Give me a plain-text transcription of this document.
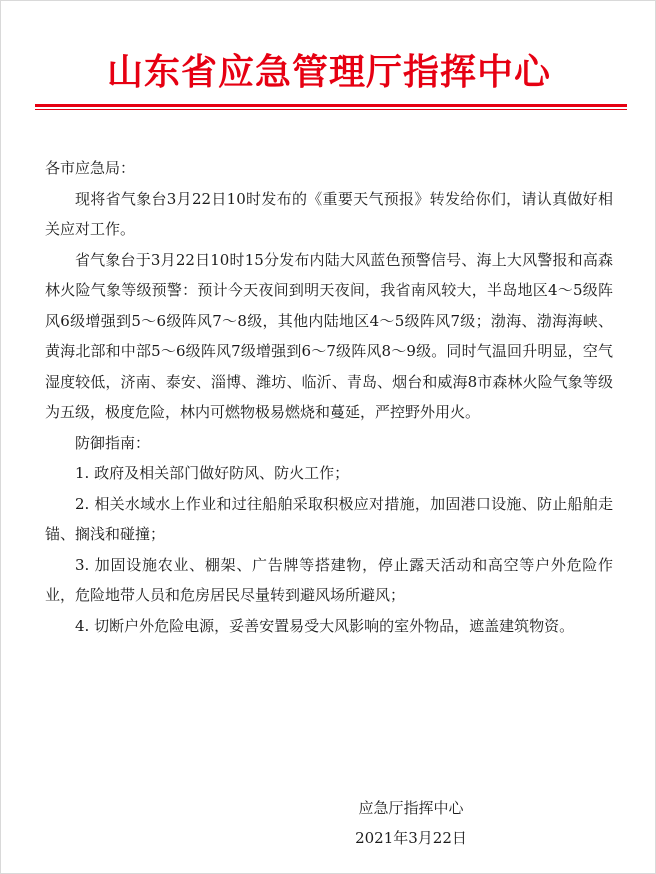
山东省应急管理厅指挥中心

各市应急局：

现将省气象台3月22日10时发布的《重要天气预报》转发给你们，请认真做好相关应对工作。

省气象台于3月22日10时15分发布内陆大风蓝色预警信号、海上大风警报和高森林火险气象等级预警：预计今天夜间到明天夜间，我省南风较大，半岛地区4～5级阵风6级增强到5～6级阵风7～8级，其他内陆地区4～5级阵风7级；渤海、渤海海峡、黄海北部和中部5～6级阵风7级增强到6～7级阵风8～9级。同时气温回升明显，空气湿度较低，济南、泰安、淄博、潍坊、临沂、青岛、烟台和威海8市森林火险气象等级为五级，极度危险，林内可燃物极易燃烧和蔓延，严控野外用火。

防御指南：

1. 政府及相关部门做好防风、防火工作；

2. 相关水域水上作业和过往船舶采取积极应对措施，加固港口设施、防止船舶走锚、搁浅和碰撞；

3. 加固设施农业、棚架、广告牌等搭建物，停止露天活动和高空等户外危险作业，危险地带人员和危房居民尽量转到避风场所避风；

4. 切断户外危险电源，妥善安置易受大风影响的室外物品，遮盖建筑物资。

应急厅指挥中心
2021年3月22日
